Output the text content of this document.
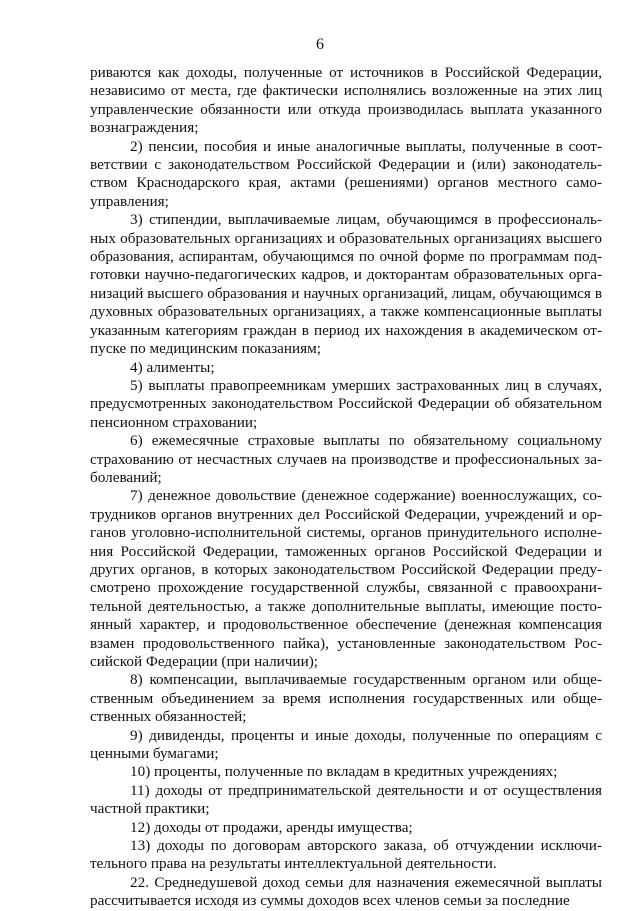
6

риваются как доходы, полученные от источников в Российской Федерации, независимо от места, где фактически исполнялись возложенные на этих лиц управленческие обязанности или откуда производилась выплата указанного вознаграждения;

2) пенсии, пособия и иные аналогичные выплаты, полученные в соответствии с законодательством Российской Федерации и (или) законодательством Краснодарского края, актами (решениями) органов местного самоуправления;

3) стипендии, выплачиваемые лицам, обучающимся в профессиональных образовательных организациях и образовательных организациях высшего образования, аспирантам, обучающимся по очной форме по программам подготовки научно-педагогических кадров, и докторантам образовательных организаций высшего образования и научных организаций, лицам, обучающимся в духовных образовательных организациях, а также компенсационные выплаты указанным категориям граждан в период их нахождения в академическом отпуске по медицинским показаниям;

4) алименты;

5) выплаты правопреемникам умерших застрахованных лиц в случаях, предусмотренных законодательством Российской Федерации об обязательном пенсионном страховании;

6) ежемесячные страховые выплаты по обязательному социальному страхованию от несчастных случаев на производстве и профессиональных заболеваний;

7) денежное довольствие (денежное содержание) военнослужащих, сотрудников органов внутренних дел Российской Федерации, учреждений и органов уголовно-исполнительной системы, органов принудительного исполнения Российской Федерации, таможенных органов Российской Федерации и других органов, в которых законодательством Российской Федерации предусмотрено прохождение государственной службы, связанной с правоохранительной деятельностью, а также дополнительные выплаты, имеющие постоянный характер, и продовольственное обеспечение (денежная компенсация взамен продовольственного пайка), установленные законодательством Российской Федерации (при наличии);

8) компенсации, выплачиваемые государственным органом или общественным объединением за время исполнения государственных или общественных обязанностей;

9) дивиденды, проценты и иные доходы, полученные по операциям с ценными бумагами;

10) проценты, полученные по вкладам в кредитных учреждениях;

11) доходы от предпринимательской деятельности и от осуществления частной практики;

12) доходы от продажи, аренды имущества;

13) доходы по договорам авторского заказа, об отчуждении исключительного права на результаты интеллектуальной деятельности.

22. Среднедушевой доход семьи для назначения ежемесячной выплаты рассчитывается исходя из суммы доходов всех членов семьи за последние
